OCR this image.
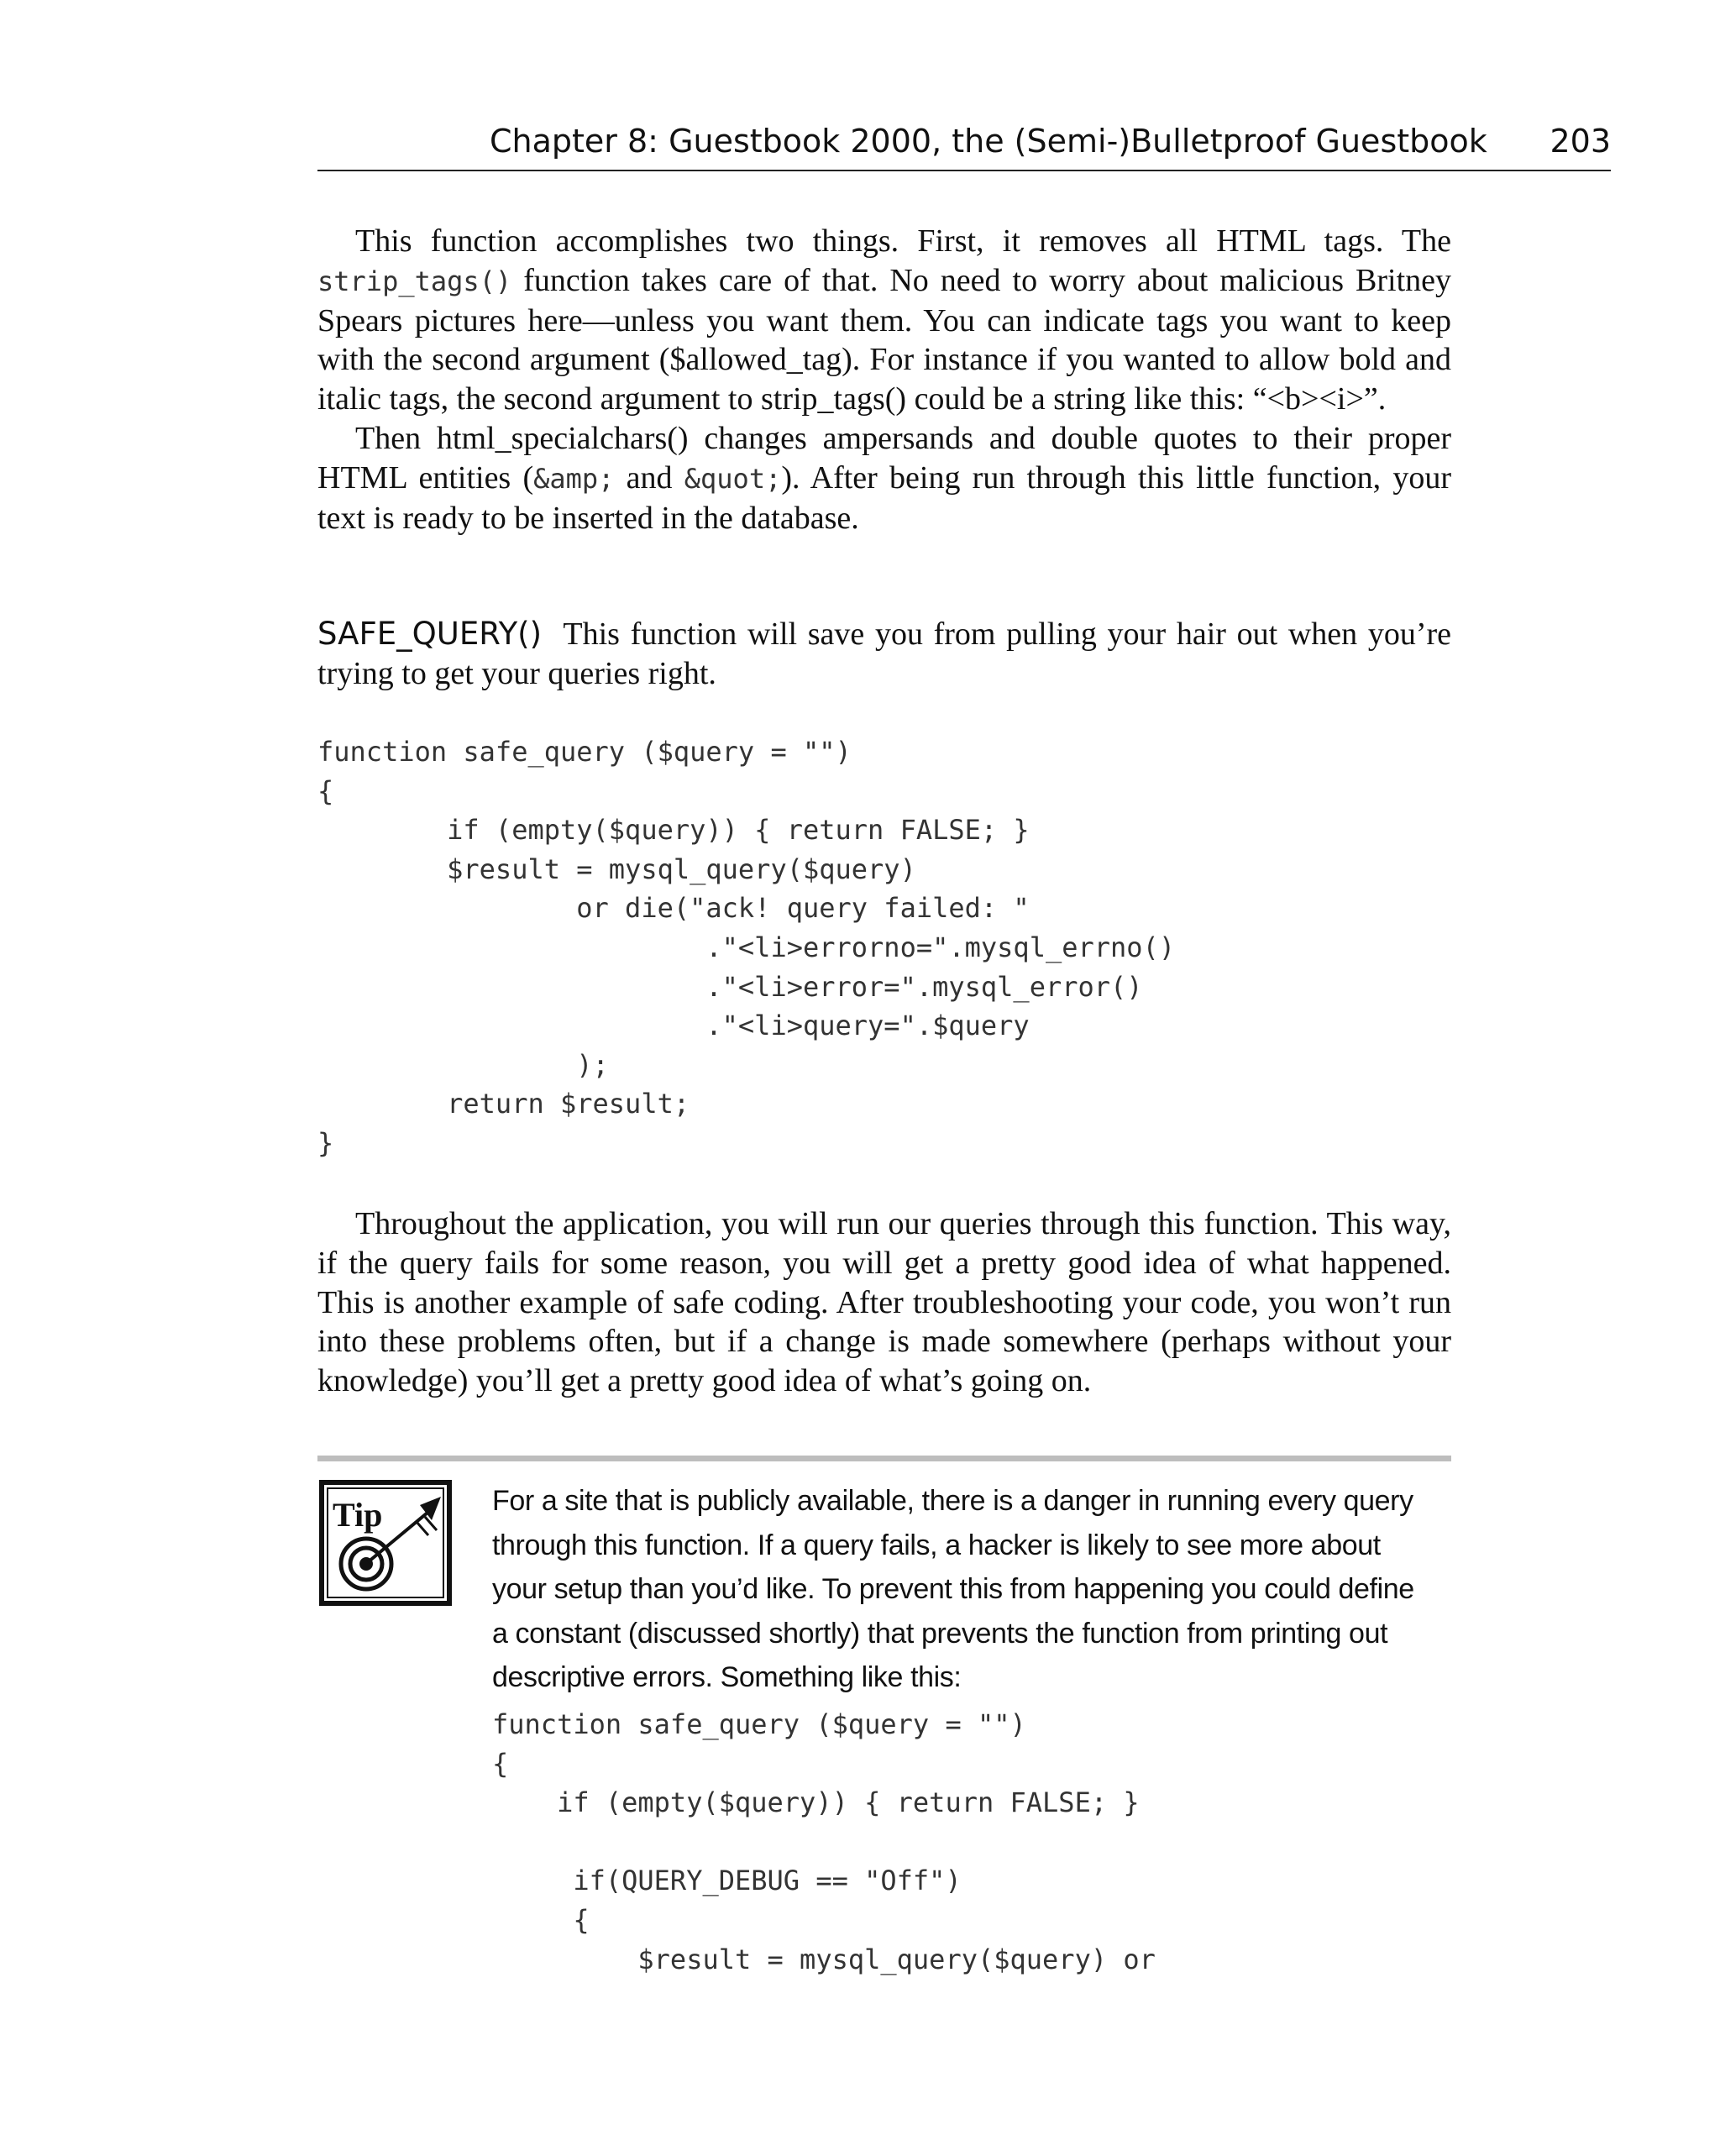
Chapter 8: Guestbook 2000, the (Semi-)Bulletproof Guestbook 203

This function accomplishes two things. First, it removes all HTML tags. The strip_tags() function takes care of that. No need to worry about malicious Britney Spears pictures here—unless you want them. You can indicate tags you want to keep with the second argument ($allowed_tag). For instance if you wanted to allow bold and italic tags, the second argument to strip_tags() could be a string like this: “<b><i>”.

Then html_specialchars() changes ampersands and double quotes to their proper HTML entities (&amp; and &quot;). After being run through this little function, your text is ready to be inserted in the database.

SAFE_QUERY() This function will save you from pulling your hair out when you’re trying to get your queries right.

function safe_query ($query = "")
{
if (empty($query)) { return FALSE; }
$result = mysql_query($query)
or die("ack! query failed: "
."<li>errorno=".mysql_errno()
."<li>error=".mysql_error()
."<li>query=".$query
);
return $result;
}

Throughout the application, you will run our queries through this function. This way, if the query fails for some reason, you will get a pretty good idea of what happened. This is another example of safe coding. After troubleshooting your code, you won’t run into these problems often, but if a change is made somewhere (perhaps without your knowledge) you’ll get a pretty good idea of what’s going on.

Tip	For a site that is publicly available, there is a danger in running every query through this function. If a query fails, a hacker is likely to see more about your setup than you’d like. To prevent this from happening you could define a constant (discussed shortly) that prevents the function from printing out descriptive errors. Something like this:

function safe_query ($query = "")
{
if (empty($query)) { return FALSE; }

if(QUERY_DEBUG == "Off")
{
$result = mysql_query($query) or
